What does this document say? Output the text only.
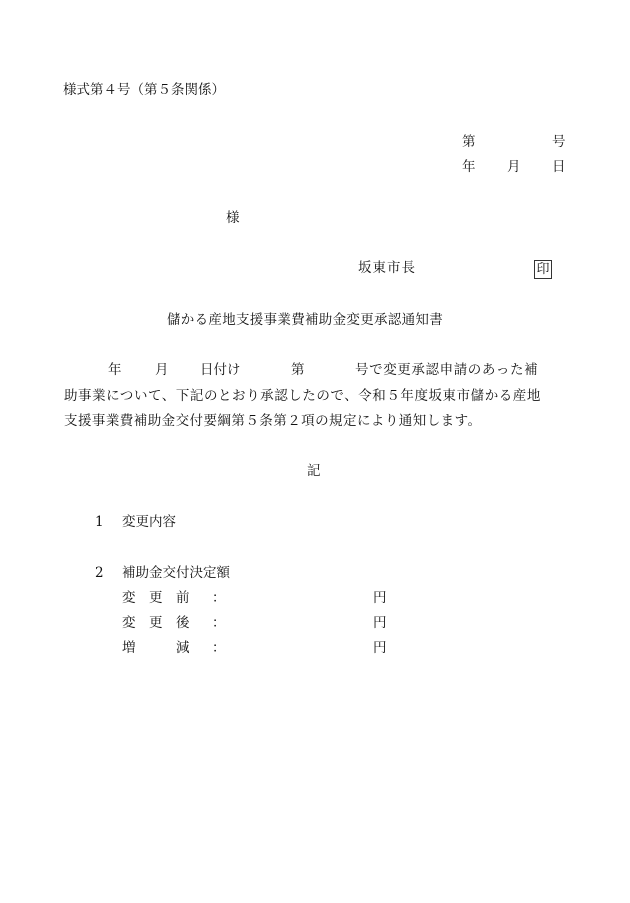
様式第４号（第５条関係）
第	号
年 月 日
様
坂東市長	印
儲かる産地支援事業費補助金変更承認通知書
年 月 日付け	第	号で変更承認申請のあった補
助事業について、下記のとおり承認したので、令和５年度坂東市儲かる産地
支援事業費補助金交付要綱第５条第２項の規定により通知します。
記
1 変更内容
2 補助金交付決定額
変　更　前 ：	円
変　更　後 ：	円
増　　　減 ：	円
